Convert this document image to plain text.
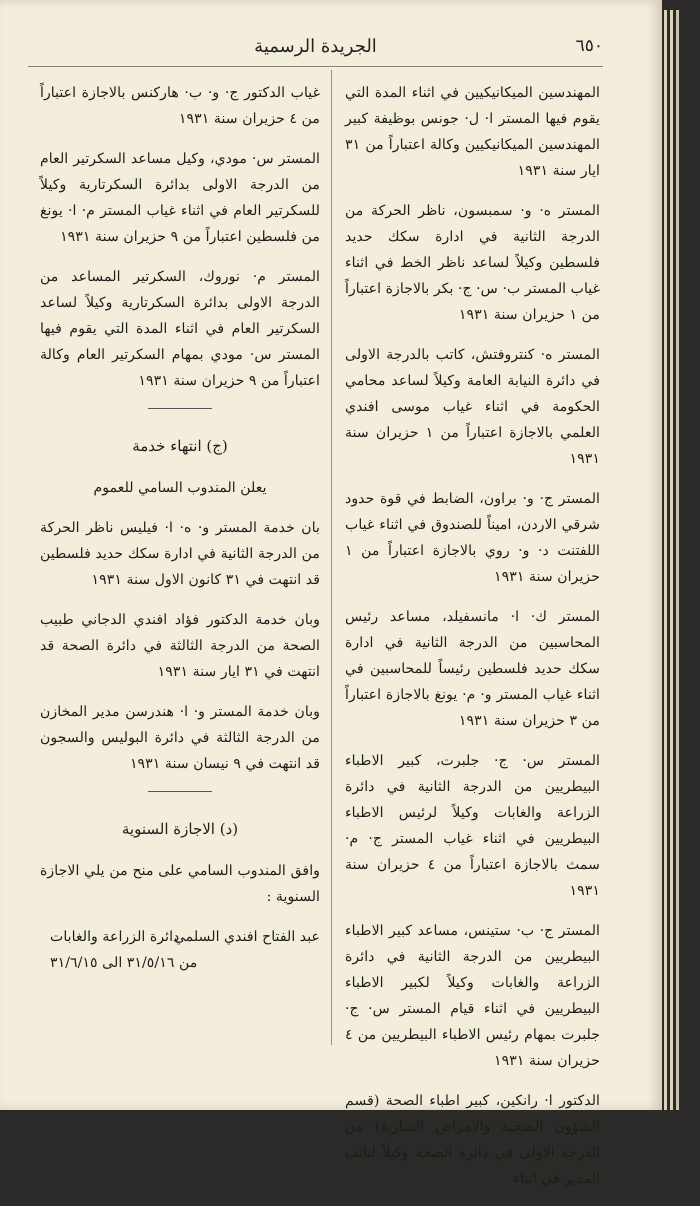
٦٥٠
الجريدة الرسمية

المهندسين الميكانيكيين في اثناء المدة التي يقوم فيها المستر ا· ل· جونس بوظيفة كبير المهندسين الميكانيكيين وكالة اعتباراً من ٣١ ايار سنة ١٩٣١

المستر ه· و· سمبسون، ناظر الحركة من الدرجة الثانية في ادارة سكك حديد فلسطين وكيلاً لساعد ناظر الخط في اثناء غياب المستر ب· س· ج· بكر بالاجازة اعتباراً من ١ حزيران سنة ١٩٣١

المستر ه· كنتروفتش، كاتب بالدرجة الاولى في دائرة النيابة العامة وكيلاً لساعد محامي الحكومة في اثناء غياب موسى افندي العلمي بالاجازة اعتباراً من ١ حزيران سنة ١٩٣١

المستر ج· و· براون، الضابط في قوة حدود شرقي الاردن، اميناً للصندوق في اثناء غياب اللفتنت د· و· روي بالاجازة اعتباراً من ١ حزيران سنة ١٩٣١

المستر ك· ا· مانسفيلد، مساعد رئيس المحاسبين من الدرجة الثانية في ادارة سكك حديد فلسطين رئيساً للمحاسبين في اثناء غياب المستر و· م· يونغ بالاجازة اعتباراً من ٣ حزيران سنة ١٩٣١

المستر س· ج· جلبرت، كبير الاطباء البيطريين من الدرجة الثانية في دائرة الزراعة والغابات وكيلاً لرئيس الاطباء البيطريين في اثناء غياب المستر ج· م· سمث بالاجازة اعتباراً من ٤ حزيران سنة ١٩٣١

المستر ج· ب· ستينس، مساعد كبير الاطباء البيطريين من الدرجة الثانية في دائرة الزراعة والغابات وكيلاً لكبير الاطباء البيطريين في اثناء قيام المستر س· ج· جلبرت بمهام رئيس الاطباء البيطريين من ٤ حزيران سنة ١٩٣١

الدكتور ا· رانكين، كبير اطباء الصحة (قسم الشؤون الصحية والامراض السارية) من الدرجة الاولى في دائرة الصحة وكيلاً لنائب المدير في اثناء

غياب الدكتور ج· و· ب· هاركنس بالاجازة اعتباراً من ٤ حزيران سنة ١٩٣١

المستر س· مودي، وكيل مساعد السكرتير العام من الدرجة الاولى بدائرة السكرتارية وكيلاً للسكرتير العام في اثناء غياب المستر م· ا· يونغ من فلسطين اعتباراً من ٩ حزيران سنة ١٩٣١

المستر م· نوروك، السكرتير المساعد من الدرجة الاولى بدائرة السكرتارية وكيلاً لساعد السكرتير العام في اثناء المدة التي يقوم فيها المستر س· مودي بمهام السكرتير العام وكالة اعتباراً من ٩ حزيران سنة ١٩٣١

(ج) انتهاء خدمة

يعلن المندوب السامي للعموم

بان خدمة المستر و· ه· ا· فيليس ناظر الحركة من الدرجة الثانية في ادارة سكك حديد فلسطين قد انتهت في ٣١ كانون الاول سنة ١٩٣١

وبان خدمة الدكتور فؤاد افندي الدجاني طبيب الصحة من الدرجة الثالثة في دائرة الصحة قد انتهت في ٣١ ايار سنة ١٩٣١

وبان خدمة المستر و· ا· هندرسن مدير المخازن من الدرجة الثالثة في دائرة البوليس والسجون قد انتهت في ٩ نيسان سنة ١٩٣١

(د) الاجازة السنوية

وافق المندوب السامي على منح من يلي الاجازة السنوية :

عبد الفتاح افندي السلمي
دائرة الزراعة والغابات
من ٣١/٥/١٦ الى ٣١/٦/١٥
